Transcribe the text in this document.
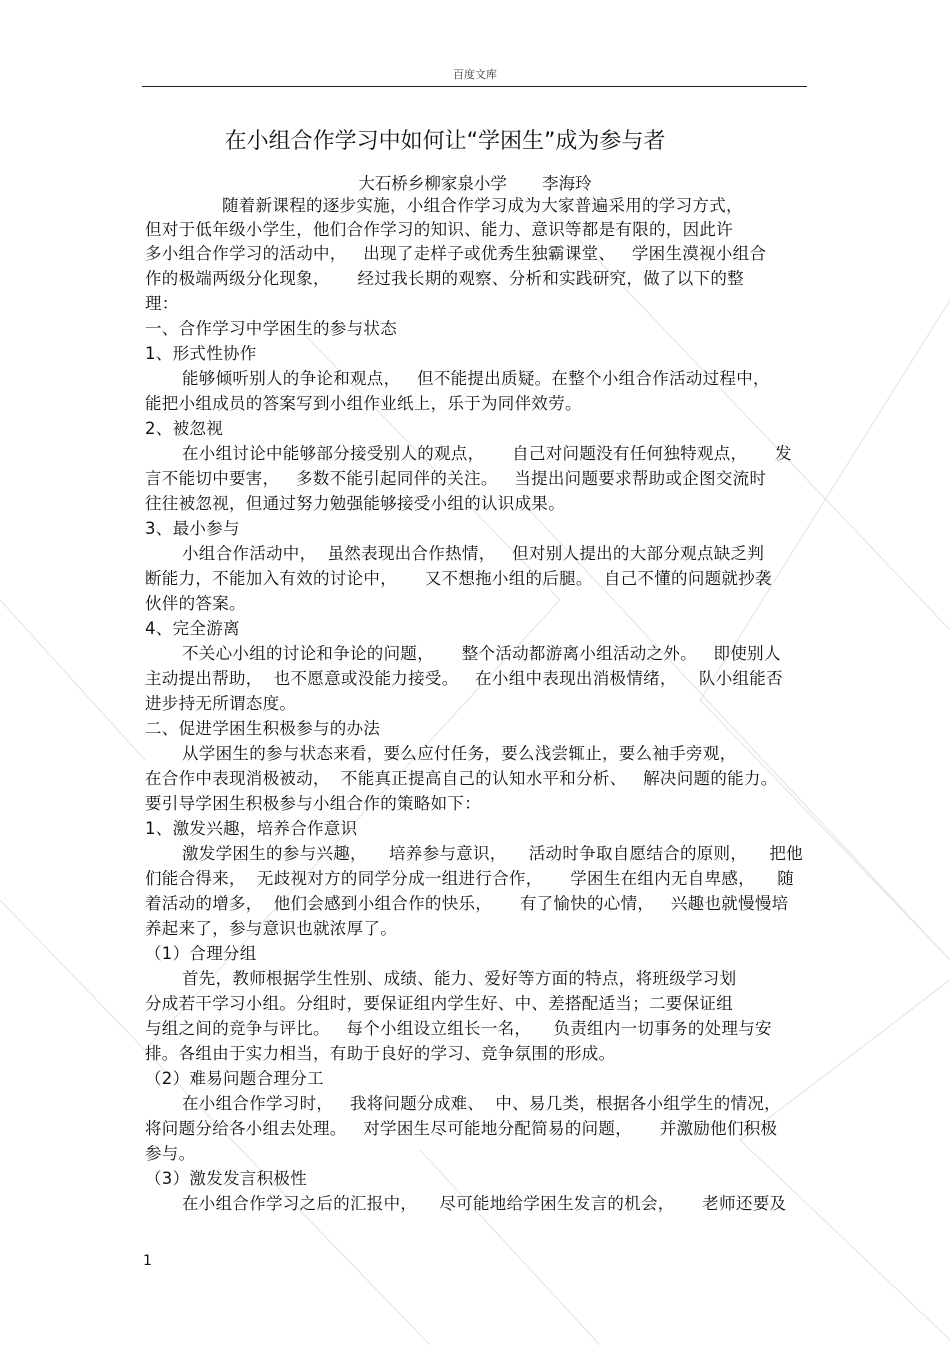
百度文库
在小组合作学习中如何让“学困生”成为参与者
大石桥乡柳家泉小学 李海玲
随着新课程的逐步实施，小组合作学习成为大家普遍采用的学习方式，
但对于低年级小学生，他们合作学习的知识、能力、意识等都是有限的，因此许
多小组合作学习的活动中，   出现了走样子或优秀生独霸课堂、   学困生漠视小组合
作的极端两级分化现象，     经过我长期的观察、分析和实践研究，做了以下的整
理：
一、合作学习中学困生的参与状态
1、形式性协作
能够倾听别人的争论和观点，   但不能提出质疑。在整个小组合作活动过程中，
能把小组成员的答案写到小组作业纸上，乐于为同伴效劳。
2、被忽视
在小组讨论中能够部分接受别人的观点，     自己对问题没有任何独特观点，     发
言不能切中要害，   多数不能引起同伴的关注。   当提出问题要求帮助或企图交流时
往往被忽视，但通过努力勉强能够接受小组的认识成果。
3、最小参与
小组合作活动中，  虽然表现出合作热情，   但对别人提出的大部分观点缺乏判
断能力，不能加入有效的讨论中，     又不想拖小组的后腿。  自己不懂的问题就抄袭
伙伴的答案。
4、完全游离
不关心小组的讨论和争论的问题，     整个活动都游离小组活动之外。   即使别人
主动提出帮助，  也不愿意或没能力接受。   在小组中表现出消极情绪，    队小组能否
进步持无所谓态度。
二、促进学困生积极参与的办法
从学困生的参与状态来看，要么应付任务，要么浅尝辄止，要么袖手旁观，
在合作中表现消极被动，  不能真正提高自己的认知水平和分析、   解决问题的能力。
要引导学困生积极参与小组合作的策略如下：
1、激发兴趣，培养合作意识
激发学困生的参与兴趣，    培养参与意识，    活动时争取自愿结合的原则，    把他
们能合得来，  无歧视对方的同学分成一组进行合作，     学困生在组内无自卑感，    随
着活动的增多，  他们会感到小组合作的快乐，     有了愉快的心情，   兴趣也就慢慢培
养起来了，参与意识也就浓厚了。
（1）合理分组
首先，教师根据学生性别、成绩、能力、爱好等方面的特点，将班级学习划
分成若干学习小组。分组时，要保证组内学生好、中、差搭配适当；二要保证组
与组之间的竞争与评比。   每个小组设立组长一名，    负责组内一切事务的处理与安
排。各组由于实力相当，有助于良好的学习、竞争氛围的形成。
（2）难易问题合理分工
在小组合作学习时，   我将问题分成难、  中、易几类，根据各小组学生的情况，
将问题分给各小组去处理。   对学困生尽可能地分配简易的问题，     并激励他们积极
参与。
（3）激发发言积极性
在小组合作学习之后的汇报中，    尽可能地给学困生发言的机会，     老师还要及
1
